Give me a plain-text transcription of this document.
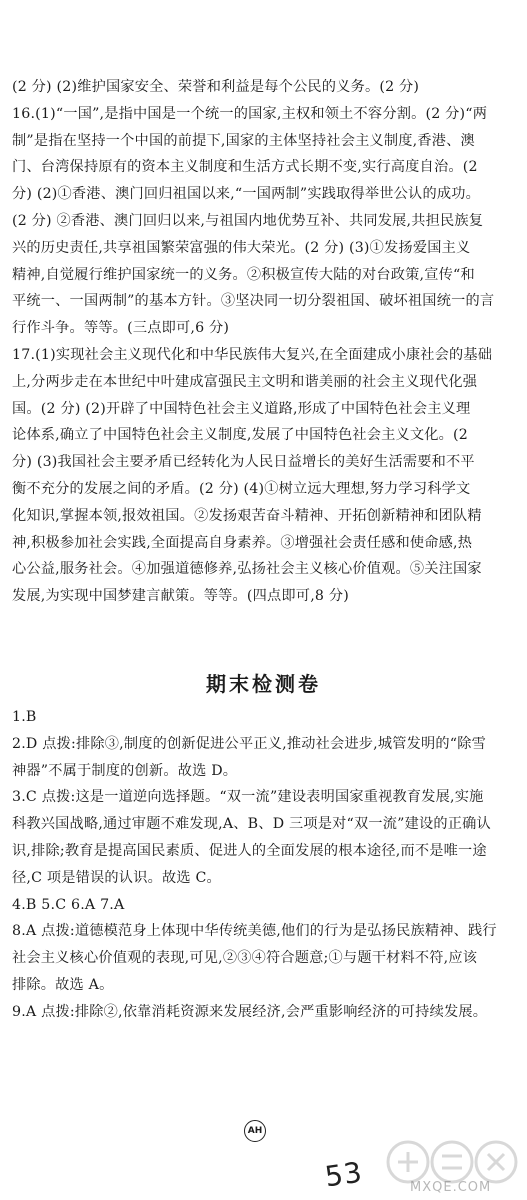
(2 分) (2)维护国家安全、荣誉和利益是每个公民的义务。(2 分)
16.(1)“一国”,是指中国是一个统一的国家,主权和领土不容分割。(2 分)“两
制”是指在坚持一个中国的前提下,国家的主体坚持社会主义制度,香港、澳
门、台湾保持原有的资本主义制度和生活方式长期不变,实行高度自治。(2
分) (2)①香港、澳门回归祖国以来,“一国两制”实践取得举世公认的成功。
(2 分) ②香港、澳门回归以来,与祖国内地优势互补、共同发展,共担民族复
兴的历史责任,共享祖国繁荣富强的伟大荣光。(2 分) (3)①发扬爱国主义
精神,自觉履行维护国家统一的义务。②积极宣传大陆的对台政策,宣传“和
平统一、一国两制”的基本方针。③坚决同一切分裂祖国、破坏祖国统一的言
行作斗争。等等。(三点即可,6 分)
17.(1)实现社会主义现代化和中华民族伟大复兴,在全面建成小康社会的基础
上,分两步走在本世纪中叶建成富强民主文明和谐美丽的社会主义现代化强
国。(2 分) (2)开辟了中国特色社会主义道路,形成了中国特色社会主义理
论体系,确立了中国特色社会主义制度,发展了中国特色社会主义文化。(2
分) (3)我国社会主要矛盾已经转化为人民日益增长的美好生活需要和不平
衡不充分的发展之间的矛盾。(2 分) (4)①树立远大理想,努力学习科学文
化知识,掌握本领,报效祖国。②发扬艰苦奋斗精神、开拓创新精神和团队精
神,积极参加社会实践,全面提高自身素养。③增强社会责任感和使命感,热
心公益,服务社会。④加强道德修养,弘扬社会主义核心价值观。⑤关注国家
发展,为实现中国梦建言献策。等等。(四点即可,8 分)
期末检测卷
1.B
2.D 点拨:排除③,制度的创新促进公平正义,推动社会进步,城管发明的“除雪
神器”不属于制度的创新。故选 D。
3.C 点拨:这是一道逆向选择题。“双一流”建设表明国家重视教育发展,实施
科教兴国战略,通过审题不难发现,A、B、D 三项是对“双一流”建设的正确认
识,排除;教育是提高国民素质、促进人的全面发展的根本途径,而不是唯一途
径,C 项是错误的认识。故选 C。
4.B 5.C 6.A 7.A
8.A 点拨:道德模范身上体现中华传统美德,他们的行为是弘扬民族精神、践行
社会主义核心价值观的表现,可见,②③④符合题意;①与题干材料不符,应该
排除。故选 A。
9.A 点拨:排除②,依靠消耗资源来发展经济,会严重影响经济的可持续发展。
AH
53	MXQE.COM
